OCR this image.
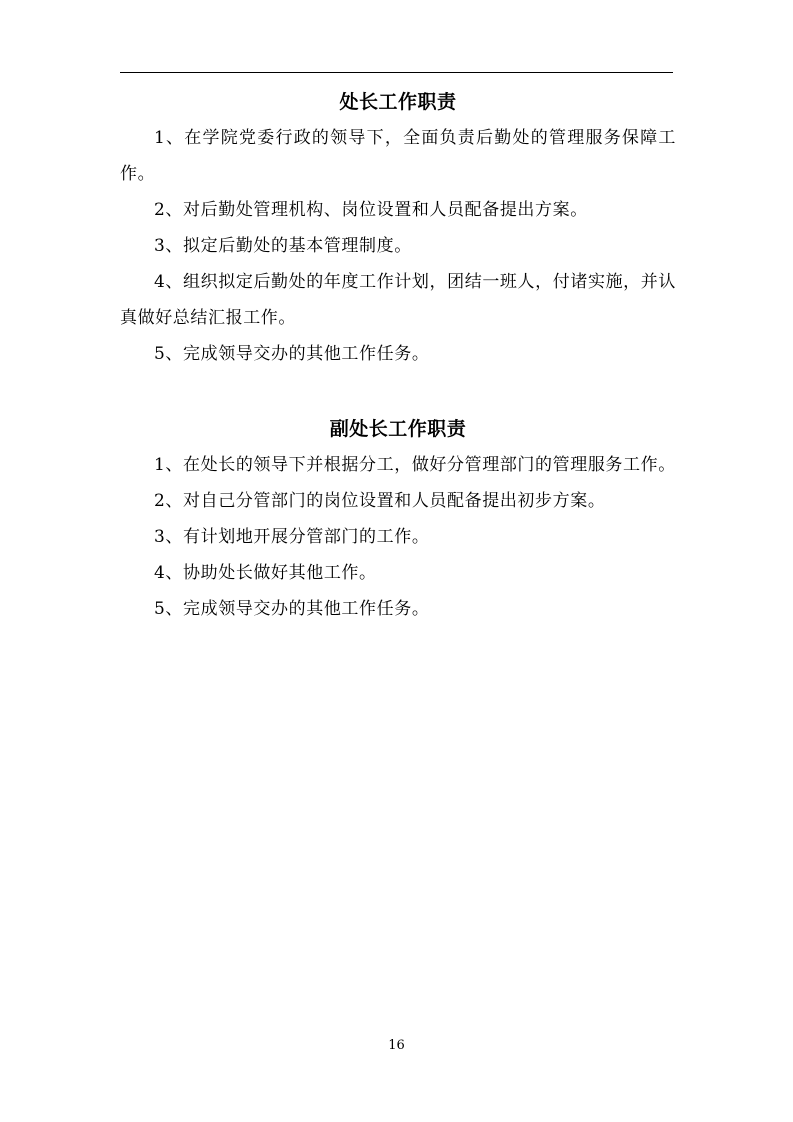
处长工作职责
1、在学院党委行政的领导下，全面负责后勤处的管理服务保障工作。
2、对后勤处管理机构、岗位设置和人员配备提出方案。
3、拟定后勤处的基本管理制度。
4、组织拟定后勤处的年度工作计划，团结一班人，付诸实施，并认真做好总结汇报工作。
5、完成领导交办的其他工作任务。
副处长工作职责
1、在处长的领导下并根据分工，做好分管理部门的管理服务工作。
2、对自己分管部门的岗位设置和人员配备提出初步方案。
3、有计划地开展分管部门的工作。
4、协助处长做好其他工作。
5、完成领导交办的其他工作任务。
16
